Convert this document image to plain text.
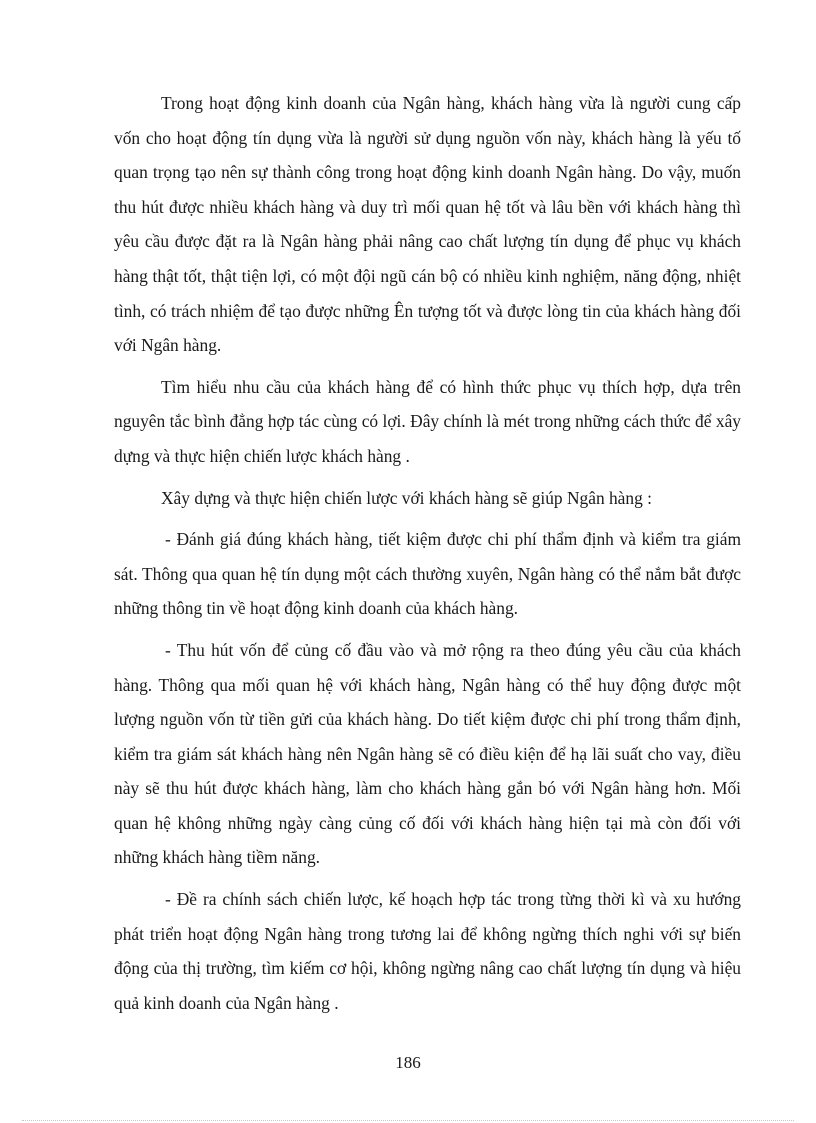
Trong hoạt động kinh doanh của Ngân hàng, khách hàng vừa là người cung cấp vốn cho hoạt động tín dụng vừa là người sử dụng nguồn vốn này, khách hàng là yếu tố quan trọng tạo nên sự thành công trong hoạt động kinh doanh Ngân hàng. Do vậy, muốn thu hút được nhiều khách hàng và duy trì mối quan hệ tốt và lâu bền với khách hàng thì yêu cầu được đặt ra là Ngân hàng phải nâng cao chất lượng tín dụng để phục vụ khách hàng thật tốt, thật tiện lợi, có một đội ngũ cán bộ có nhiều kinh nghiệm, năng động, nhiệt tình, có trách nhiệm để tạo được những Ên tượng tốt và được lòng tin của khách hàng đối với Ngân hàng.

Tìm hiểu nhu cầu của khách hàng để có hình thức phục vụ thích hợp, dựa trên nguyên tắc bình đẳng hợp tác cùng có lợi. Đây chính là mét trong những cách thức để xây dựng và thực hiện chiến lược khách hàng .

Xây dựng và thực hiện chiến lược với khách hàng sẽ giúp Ngân hàng :

- Đánh giá đúng khách hàng, tiết kiệm được chi phí thẩm định và kiểm tra giám sát. Thông qua quan hệ tín dụng một cách thường xuyên, Ngân hàng có thể nắm bắt được những thông tin về hoạt động kinh doanh của khách hàng.

- Thu hút vốn để củng cố đầu vào và mở rộng ra theo đúng yêu cầu của khách hàng. Thông qua mối quan hệ với khách hàng, Ngân hàng có thể huy động được một lượng nguồn vốn từ tiền gửi của khách hàng. Do tiết kiệm được chi phí trong thẩm định, kiểm tra giám sát khách hàng nên Ngân hàng sẽ có điều kiện để hạ lãi suất cho vay, điều này sẽ thu hút được khách hàng, làm cho khách hàng gắn bó với Ngân hàng hơn. Mối quan hệ không những ngày càng củng cố đối với khách hàng hiện tại mà còn đối với những khách hàng tiềm năng.

- Đề ra chính sách chiến lược, kế hoạch hợp tác trong từng thời kì và xu hướng phát triển hoạt động Ngân hàng trong tương lai để không ngừng thích nghi với sự biến động của thị trường, tìm kiếm cơ hội, không ngừng nâng cao chất lượng tín dụng và hiệu quả kinh doanh của Ngân hàng .

186
